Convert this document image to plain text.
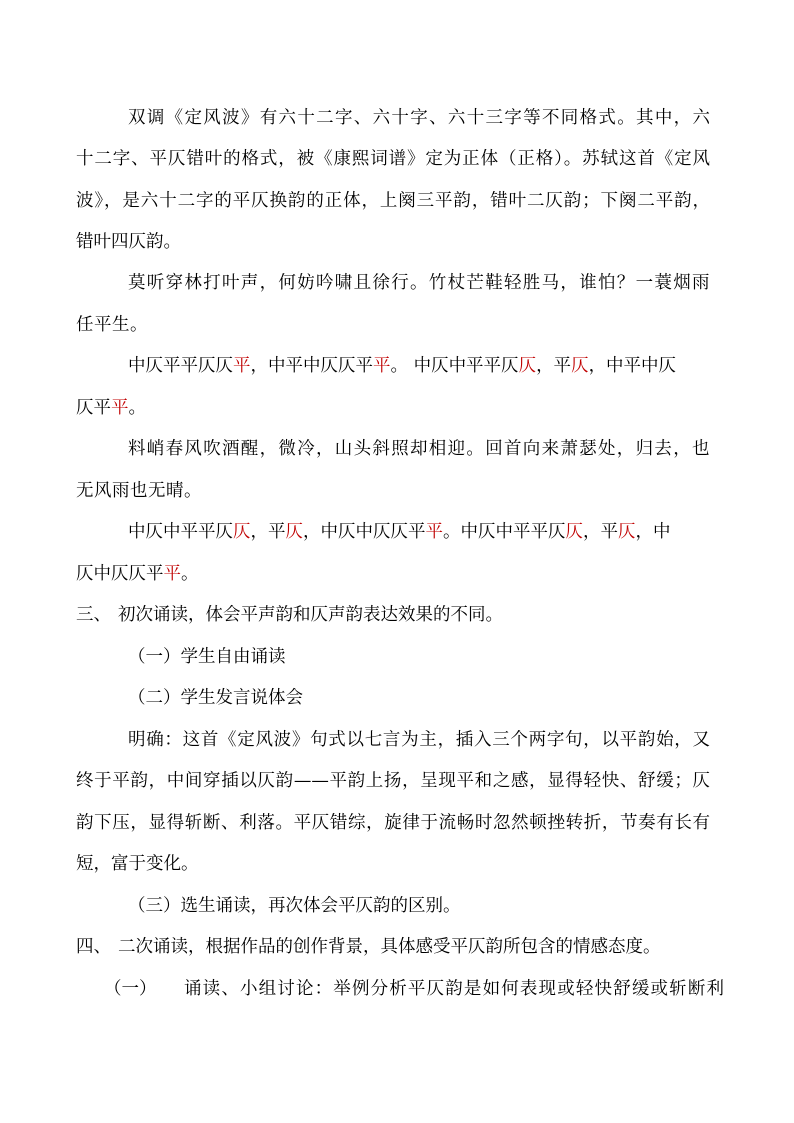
双调《定风波》有六十二字、六十字、六十三字等不同格式。其中，六
十二字、平仄错叶的格式，被《康熙词谱》定为正体（正格）。苏轼这首《定风
波》，是六十二字的平仄换韵的正体，上阕三平韵，错叶二仄韵；下阕二平韵，
错叶四仄韵。
莫听穿林打叶声，何妨吟啸且徐行。竹杖芒鞋轻胜马，谁怕？一蓑烟雨
任平生。
中仄平平仄仄平，中平中仄仄平平。 中仄中平平仄仄，平仄，中平中仄
仄平平。
料峭春风吹酒醒，微冷，山头斜照却相迎。回首向来萧瑟处，归去，也
无风雨也无晴。
中仄中平平仄仄，平仄，中仄中仄仄平平。中仄中平平仄仄，平仄，中
仄中仄仄平平。
三、 初次诵读，体会平声韵和仄声韵表达效果的不同。
（一）学生自由诵读
（二）学生发言说体会
明确：这首《定风波》句式以七言为主，插入三个两字句，以平韵始，又
终于平韵，中间穿插以仄韵——平韵上扬，呈现平和之感，显得轻快、舒缓；仄
韵下压，显得斩断、利落。平仄错综，旋律于流畅时忽然顿挫转折，节奏有长有
短，富于变化。
（三）选生诵读，再次体会平仄韵的区别。
四、 二次诵读，根据作品的创作背景，具体感受平仄韵所包含的情感态度。
（一） 诵读、小组讨论：举例分析平仄韵是如何表现或轻快舒缓或斩断利
